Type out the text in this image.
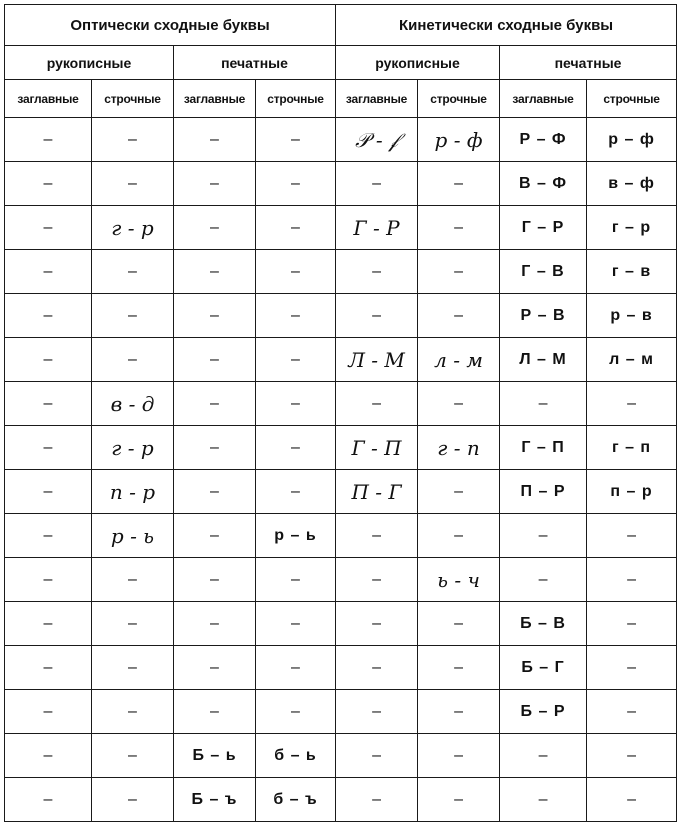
Оптически сходные буквы				Кинетически сходные буквы			
рукописные		печатные		рукописные		печатные	
заглавные	строчные	заглавные	строчные	заглавные	строчные	заглавные	строчные
–	–	–	–	𝒫 - 𝒻	р - ф	Р – Ф	р – ф
–	–	–	–	–	–	В – Ф	в – ф
–	г - р	–	–	Г - Р	–	Г – Р	г – р
–	–	–	–	–	–	Г – В	г – в
–	–	–	–	–	–	Р – В	р – в
–	–	–	–	Л - М	л - м	Л – М	л – м
–	в - д	–	–	–	–	–	–
–	г - р	–	–	Г - П	г - п	Г – П	г – п
–	п - р	–	–	П - Г	–	П – Р	п – р
–	р - ь	–	р – ь	–	–	–	–
–	–	–	–	–	ь - ч	–	–
–	–	–	–	–	–	Б – В	–
–	–	–	–	–	–	Б – Г	–
–	–	–	–	–	–	Б – Р	–
–	–	Б – ь	б – ь	–	–	–	–
–	–	Б – ъ	б – ъ	–	–	–	–
